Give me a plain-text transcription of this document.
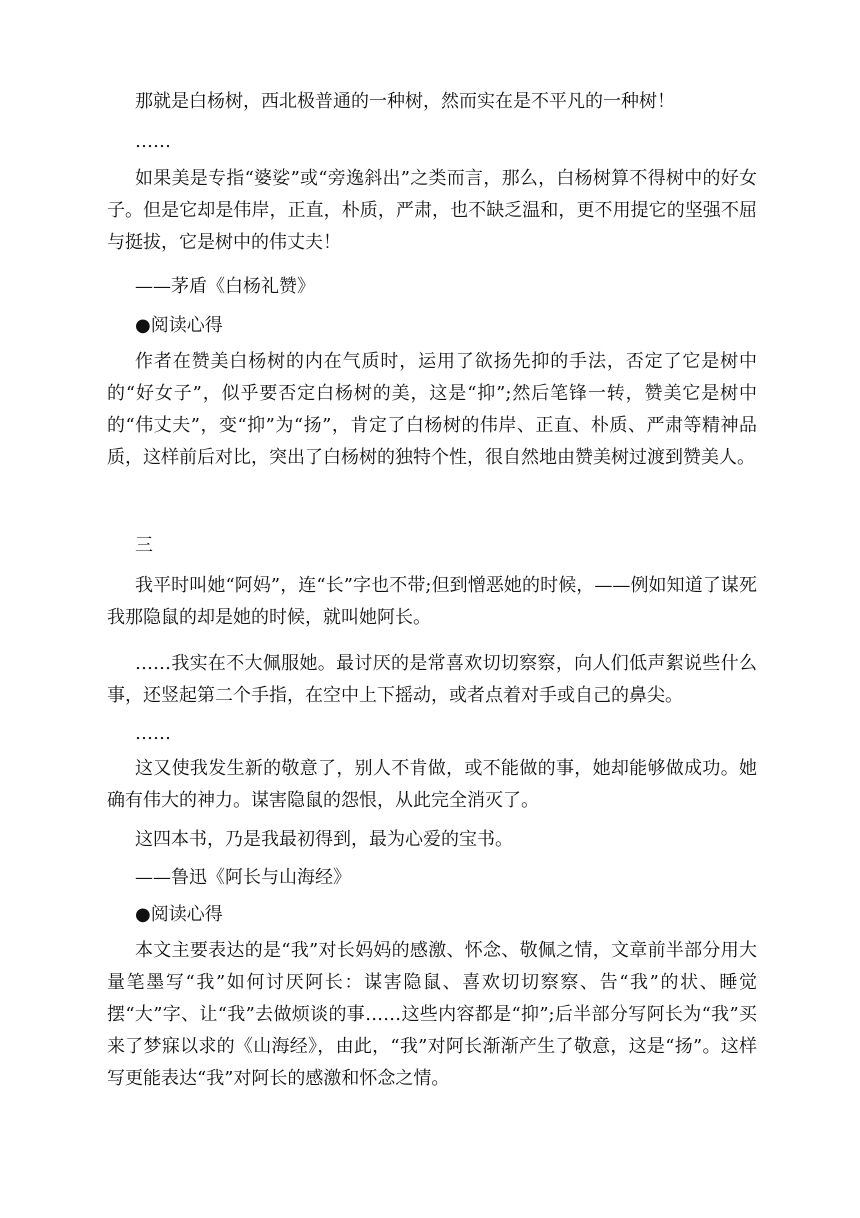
那就是白杨树，西北极普通的一种树，然而实在是不平凡的一种树！

……

如果美是专指“婆娑”或“旁逸斜出”之类而言，那么，白杨树算不得树中的好女子。但是它却是伟岸，正直，朴质，严肃，也不缺乏温和，更不用提它的坚强不屈与挺拔，它是树中的伟丈夫！

——茅盾《白杨礼赞》

●阅读心得

作者在赞美白杨树的内在气质时，运用了欲扬先抑的手法，否定了它是树中的“好女子”，似乎要否定白杨树的美，这是“抑”;然后笔锋一转，赞美它是树中的“伟丈夫”，变“抑”为“扬”，肯定了白杨树的伟岸、正直、朴质、严肃等精神品质，这样前后对比，突出了白杨树的独特个性，很自然地由赞美树过渡到赞美人。

三

我平时叫她“阿妈”，连“长”字也不带;但到憎恶她的时候，——例如知道了谋死我那隐鼠的却是她的时候，就叫她阿长。

……我实在不大佩服她。最讨厌的是常喜欢切切察察，向人们低声絮说些什么事，还竖起第二个手指，在空中上下摇动，或者点着对手或自己的鼻尖。

……

这又使我发生新的敬意了，别人不肯做，或不能做的事，她却能够做成功。她确有伟大的神力。谋害隐鼠的怨恨，从此完全消灭了。

这四本书，乃是我最初得到，最为心爱的宝书。

——鲁迅《阿长与山海经》

●阅读心得

本文主要表达的是“我”对长妈妈的感激、怀念、敬佩之情，文章前半部分用大量笔墨写“我”如何讨厌阿长：谋害隐鼠、喜欢切切察察、告“我”的状、睡觉摆“大”字、让“我”去做烦谈的事……这些内容都是“抑”;后半部分写阿长为“我”买来了梦寐以求的《山海经》，由此，“我”对阿长渐渐产生了敬意，这是“扬”。这样写更能表达“我”对阿长的感激和怀念之情。
